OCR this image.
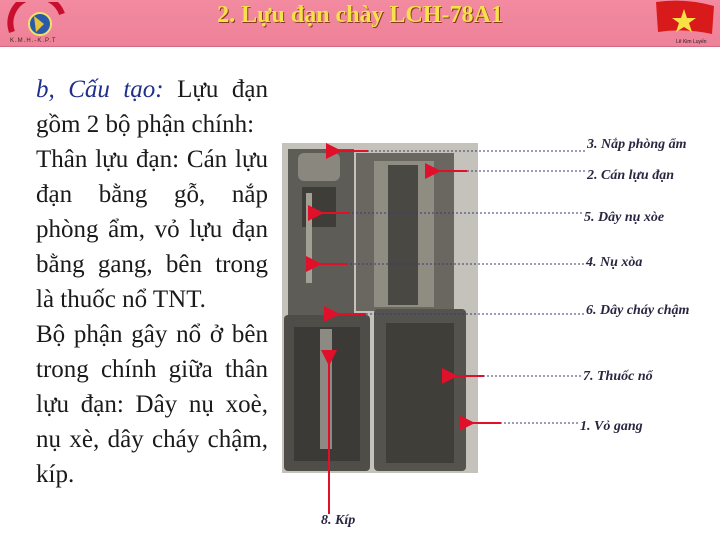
K.M.H.-K.P.T
2. Lựu đạn chày LCH-78A1
Lê Kim Luyến

b, Cấu tạo: Lựu đạn gồm 2 bộ phận chính:

Thân lựu đạn: Cán lựu đạn bằng gỗ, nắp phòng ẩm, vỏ lựu đạn bằng gang, bên trong là thuốc nổ TNT.

Bộ phận gây nổ ở bên trong chính giữa thân lựu đạn: Dây nụ xoè, nụ xè, dây cháy chậm, kíp.

3. Nắp phòng ẩm
2. Cán lựu đạn
5. Dây nụ xòe
4. Nụ xòa
6. Dây cháy chậm
7. Thuốc nổ
1. Vỏ gang
8. Kíp
